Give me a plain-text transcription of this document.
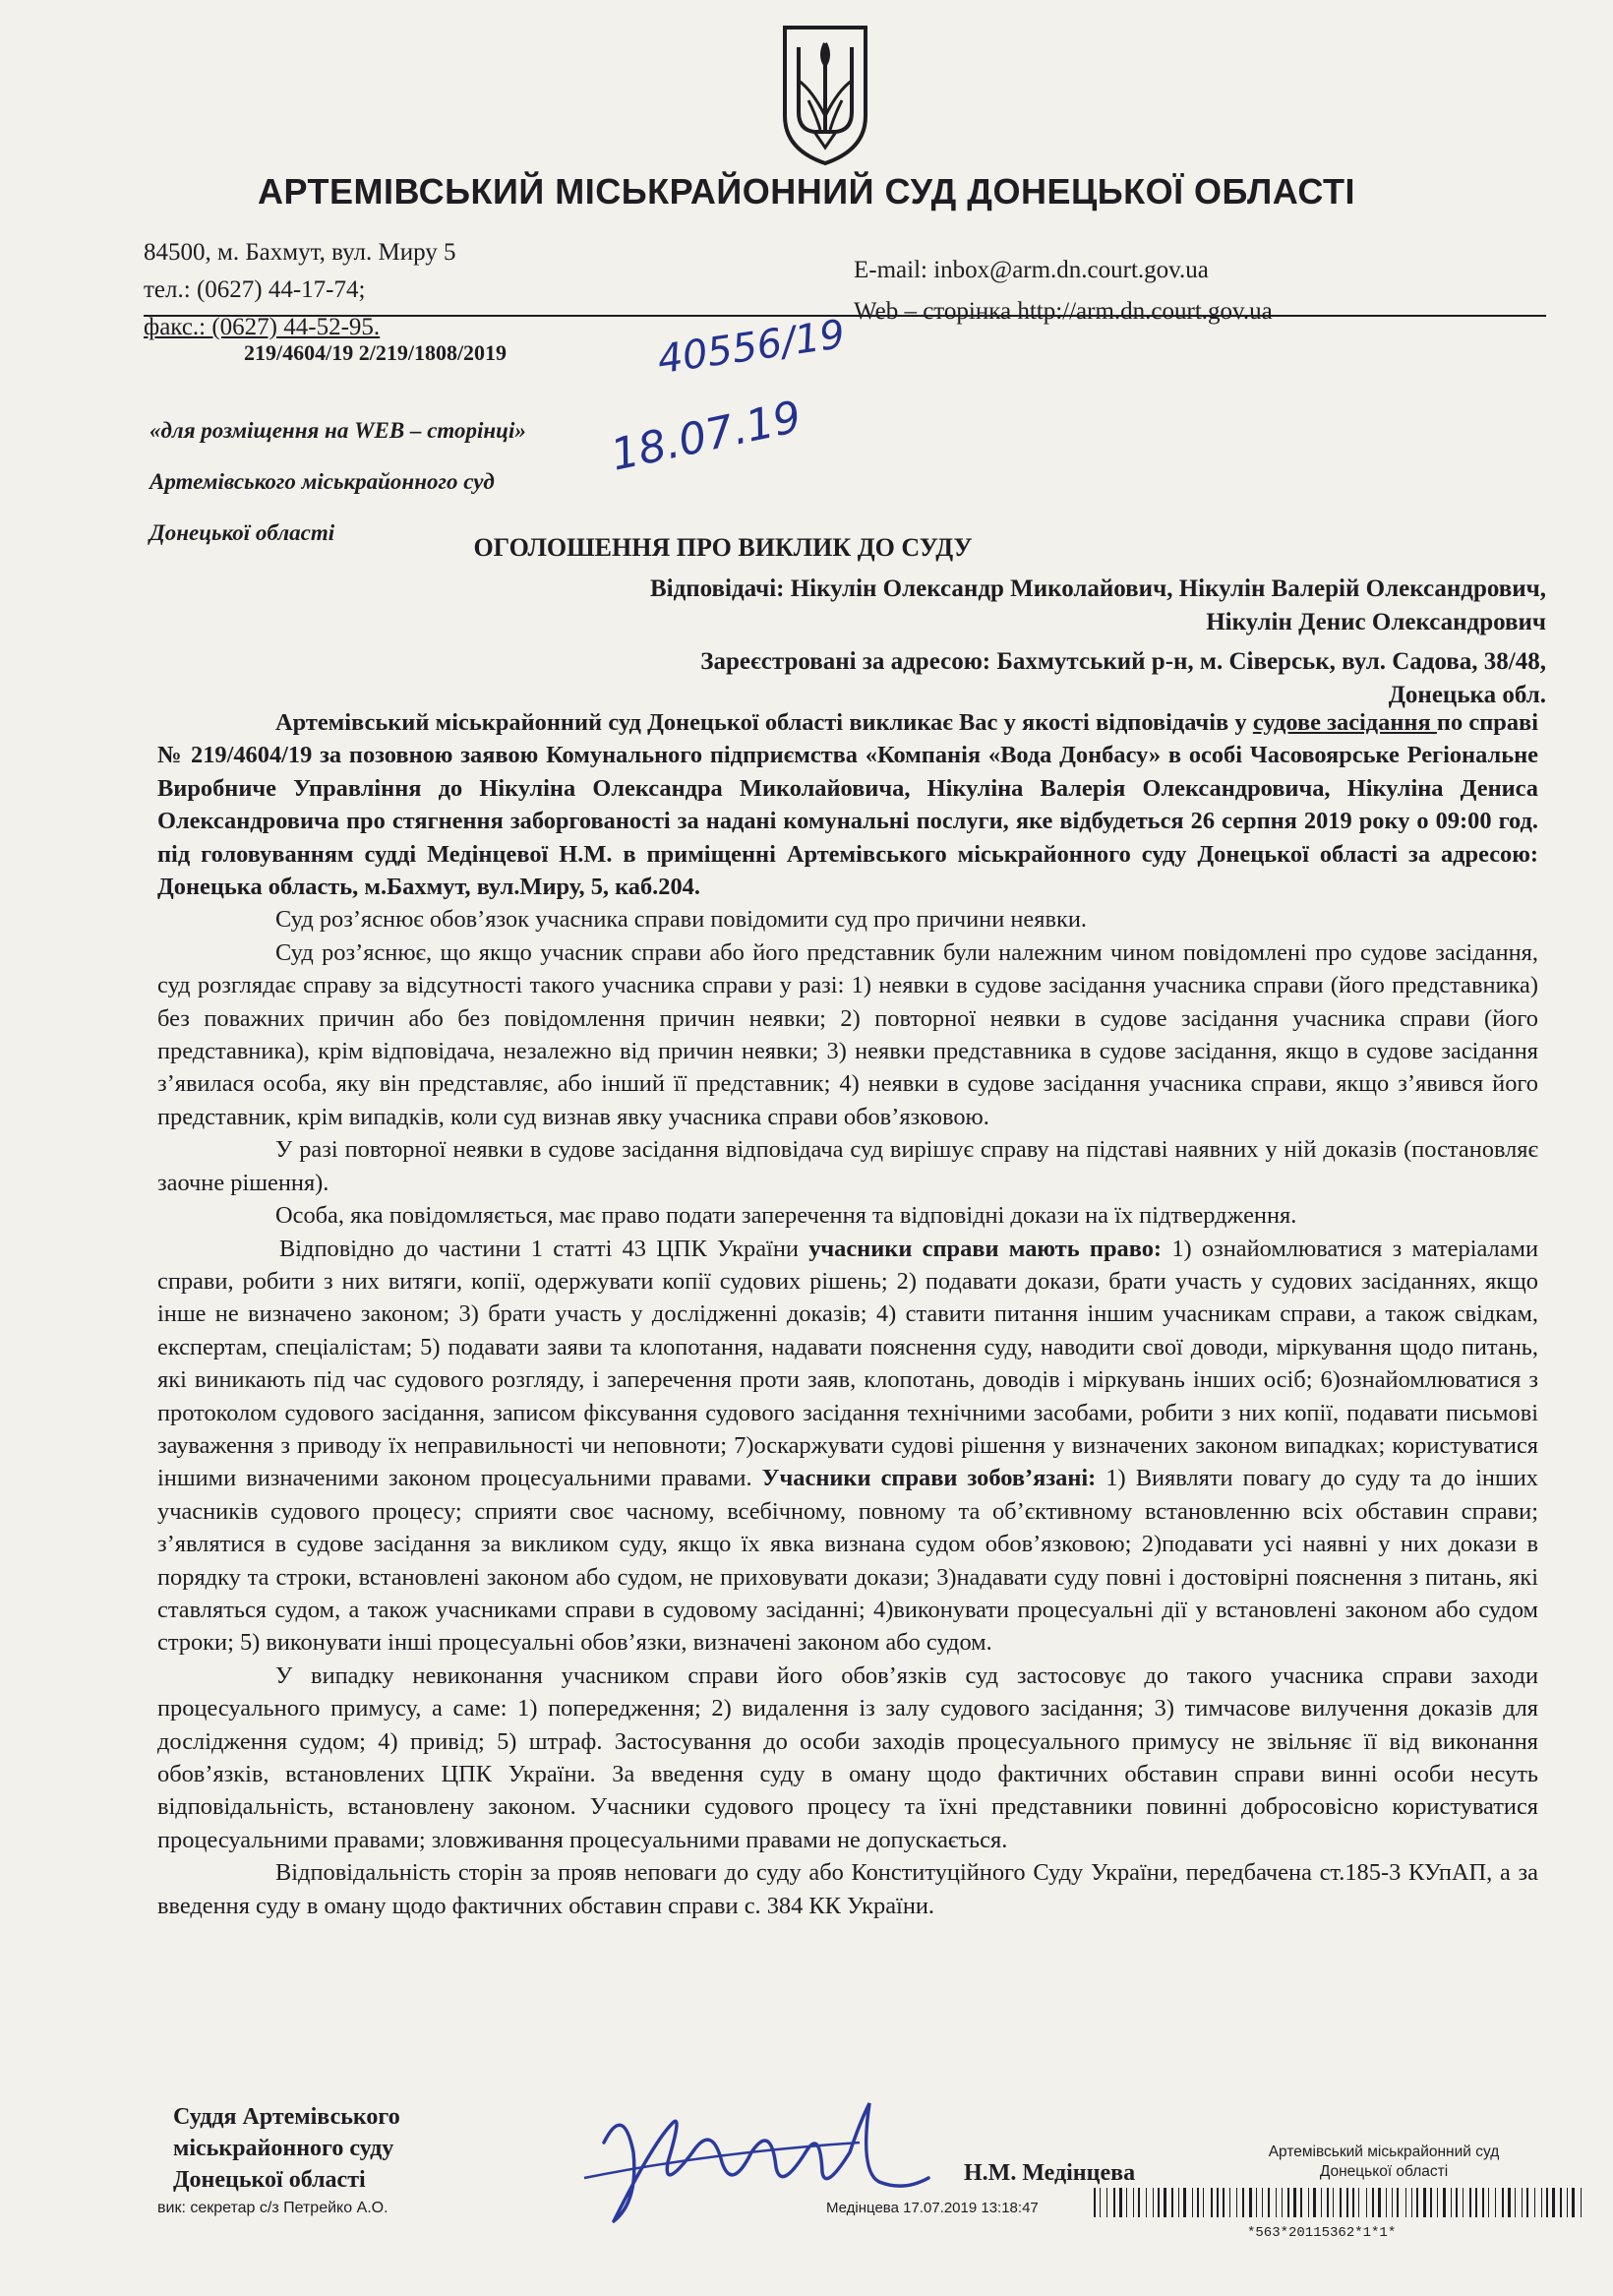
АРТЕМІВСЬКИЙ МІСЬКРАЙОННИЙ СУД ДОНЕЦЬКОЇ ОБЛАСТІ
84500, м. Бахмут, вул. Миру 5
тел.: (0627) 44-17-74;
факс.: (0627) 44-52-95.
E-mail: inbox@arm.dn.court.gov.ua
Web – сторінка http://arm.dn.court.gov.ua
219/4604/19 2/219/1808/2019	40556/19
18.07.19
«для розміщення на WEB – сторінці»
Артемівського міськрайонного суд
Донецької області
ОГОЛОШЕННЯ ПРО ВИКЛИК ДО СУДУ
Відповідачі: Нікулін Олександр Миколайович, Нікулін Валерій Олександрович,
Нікулін Денис Олександрович
Зареєстровані за адресою: Бахмутський р-н, м. Сіверськ, вул. Садова, 38/48,
Донецька обл.

Артемівський міськрайонний суд Донецької області викликає Вас у якості відповідачів у судове засідання по справі № 219/4604/19 за позовною заявою Комунального підприємства «Компанія «Вода Донбасу» в особі Часовоярське Регіональне Виробниче Управління до Нікуліна Олександра Миколайовича, Нікуліна Валерія Олександровича, Нікуліна Дениса Олександровича про стягнення заборгованості за надані комунальні послуги, яке відбудеться 26 серпня 2019 року о 09:00 год. під головуванням судді Медінцевої Н.М. в приміщенні Артемівського міськрайонного суду Донецької області за адресою: Донецька область, м.Бахмут, вул.Миру, 5, каб.204.

Суд роз’яснює обов’язок учасника справи повідомити суд про причини неявки.

Суд роз’яснює, що якщо учасник справи або його представник були належним чином повідомлені про судове засідання, суд розглядає справу за відсутності такого учасника справи у разі: 1) неявки в судове засідання учасника справи (його представника) без поважних причин або без повідомлення причин неявки; 2) повторної неявки в судове засідання учасника справи (його представника), крім відповідача, незалежно від причин неявки; 3) неявки представника в судове засідання, якщо в судове засідання з’явилася особа, яку він представляє, або інший її представник; 4) неявки в судове засідання учасника справи, якщо з’явився його представник, крім випадків, коли суд визнав явку учасника справи обов’язковою.

У разі повторної неявки в судове засідання відповідача суд вирішує справу на підставі наявних у ній доказів (постановляє заочне рішення).

Особа, яка повідомляється, має право подати заперечення та відповідні докази на їх підтвердження.

Відповідно до частини 1 статті 43 ЦПК України учасники справи мають право: 1) ознайомлюватися з матеріалами справи, робити з них витяги, копії, одержувати копії судових рішень; 2) подавати докази, брати участь у судових засіданнях, якщо інше не визначено законом; 3) брати участь у дослідженні доказів; 4) ставити питання іншим учасникам справи, а також свідкам, експертам, спеціалістам; 5) подавати заяви та клопотання, надавати пояснення суду, наводити свої доводи, міркування щодо питань, які виникають під час судового розгляду, і заперечення проти заяв, клопотань, доводів і міркувань інших осіб; 6)ознайомлюватися з протоколом судового засідання, записом фіксування судового засідання технічними засобами, робити з них копії, подавати письмові зауваження з приводу їх неправильності чи неповноти; 7)оскаржувати судові рішення у визначених законом випадках; користуватися іншими визначеними законом процесуальними правами. Учасники справи зобов’язані: 1) Виявляти повагу до суду та до інших учасників судового процесу; сприяти своє часному, всебічному, повному та об’єктивному встановленню всіх обставин справи; з’являтися в судове засідання за викликом суду, якщо їх явка визнана судом обов’язковою; 2)подавати усі наявні у них докази в порядку та строки, встановлені законом або судом, не приховувати докази; 3)надавати суду повні і достовірні пояснення з питань, які ставляться судом, а також учасниками справи в судовому засіданні; 4)виконувати процесуальні дії у встановлені законом або судом строки; 5) виконувати інші процесуальні обов’язки, визначені законом або судом.

У випадку невиконання учасником справи його обов’язків суд застосовує до такого учасника справи заходи процесуального примусу, а саме: 1) попередження; 2) видалення із залу судового засідання; 3) тимчасове вилучення доказів для дослідження судом; 4) привід; 5) штраф. Застосування до особи заходів процесуального примусу не звільняє її від виконання обов’язків, встановлених ЦПК України. За введення суду в оману щодо фактичних обставин справи винні особи несуть відповідальність, встановлену законом. Учасники судового процесу та їхні представники повинні добросовісно користуватися процесуальними правами; зловживання процесуальними правами не допускається.

Відповідальність сторін за прояв неповаги до суду або Конституційного Суду України, передбачена ст.185-3 КУпАП, а за введення суду в оману щодо фактичних обставин справи с. 384 КК України.

Суддя Артемівського
міськрайонного суду
Донецької області
вик: секретар с/з Петрейко А.О.
Н.М. Медінцева
Артемівський міськрайонний суд
Донецької області
Медінцева 17.07.2019 13:18:47
*563*20115362*1*1*
